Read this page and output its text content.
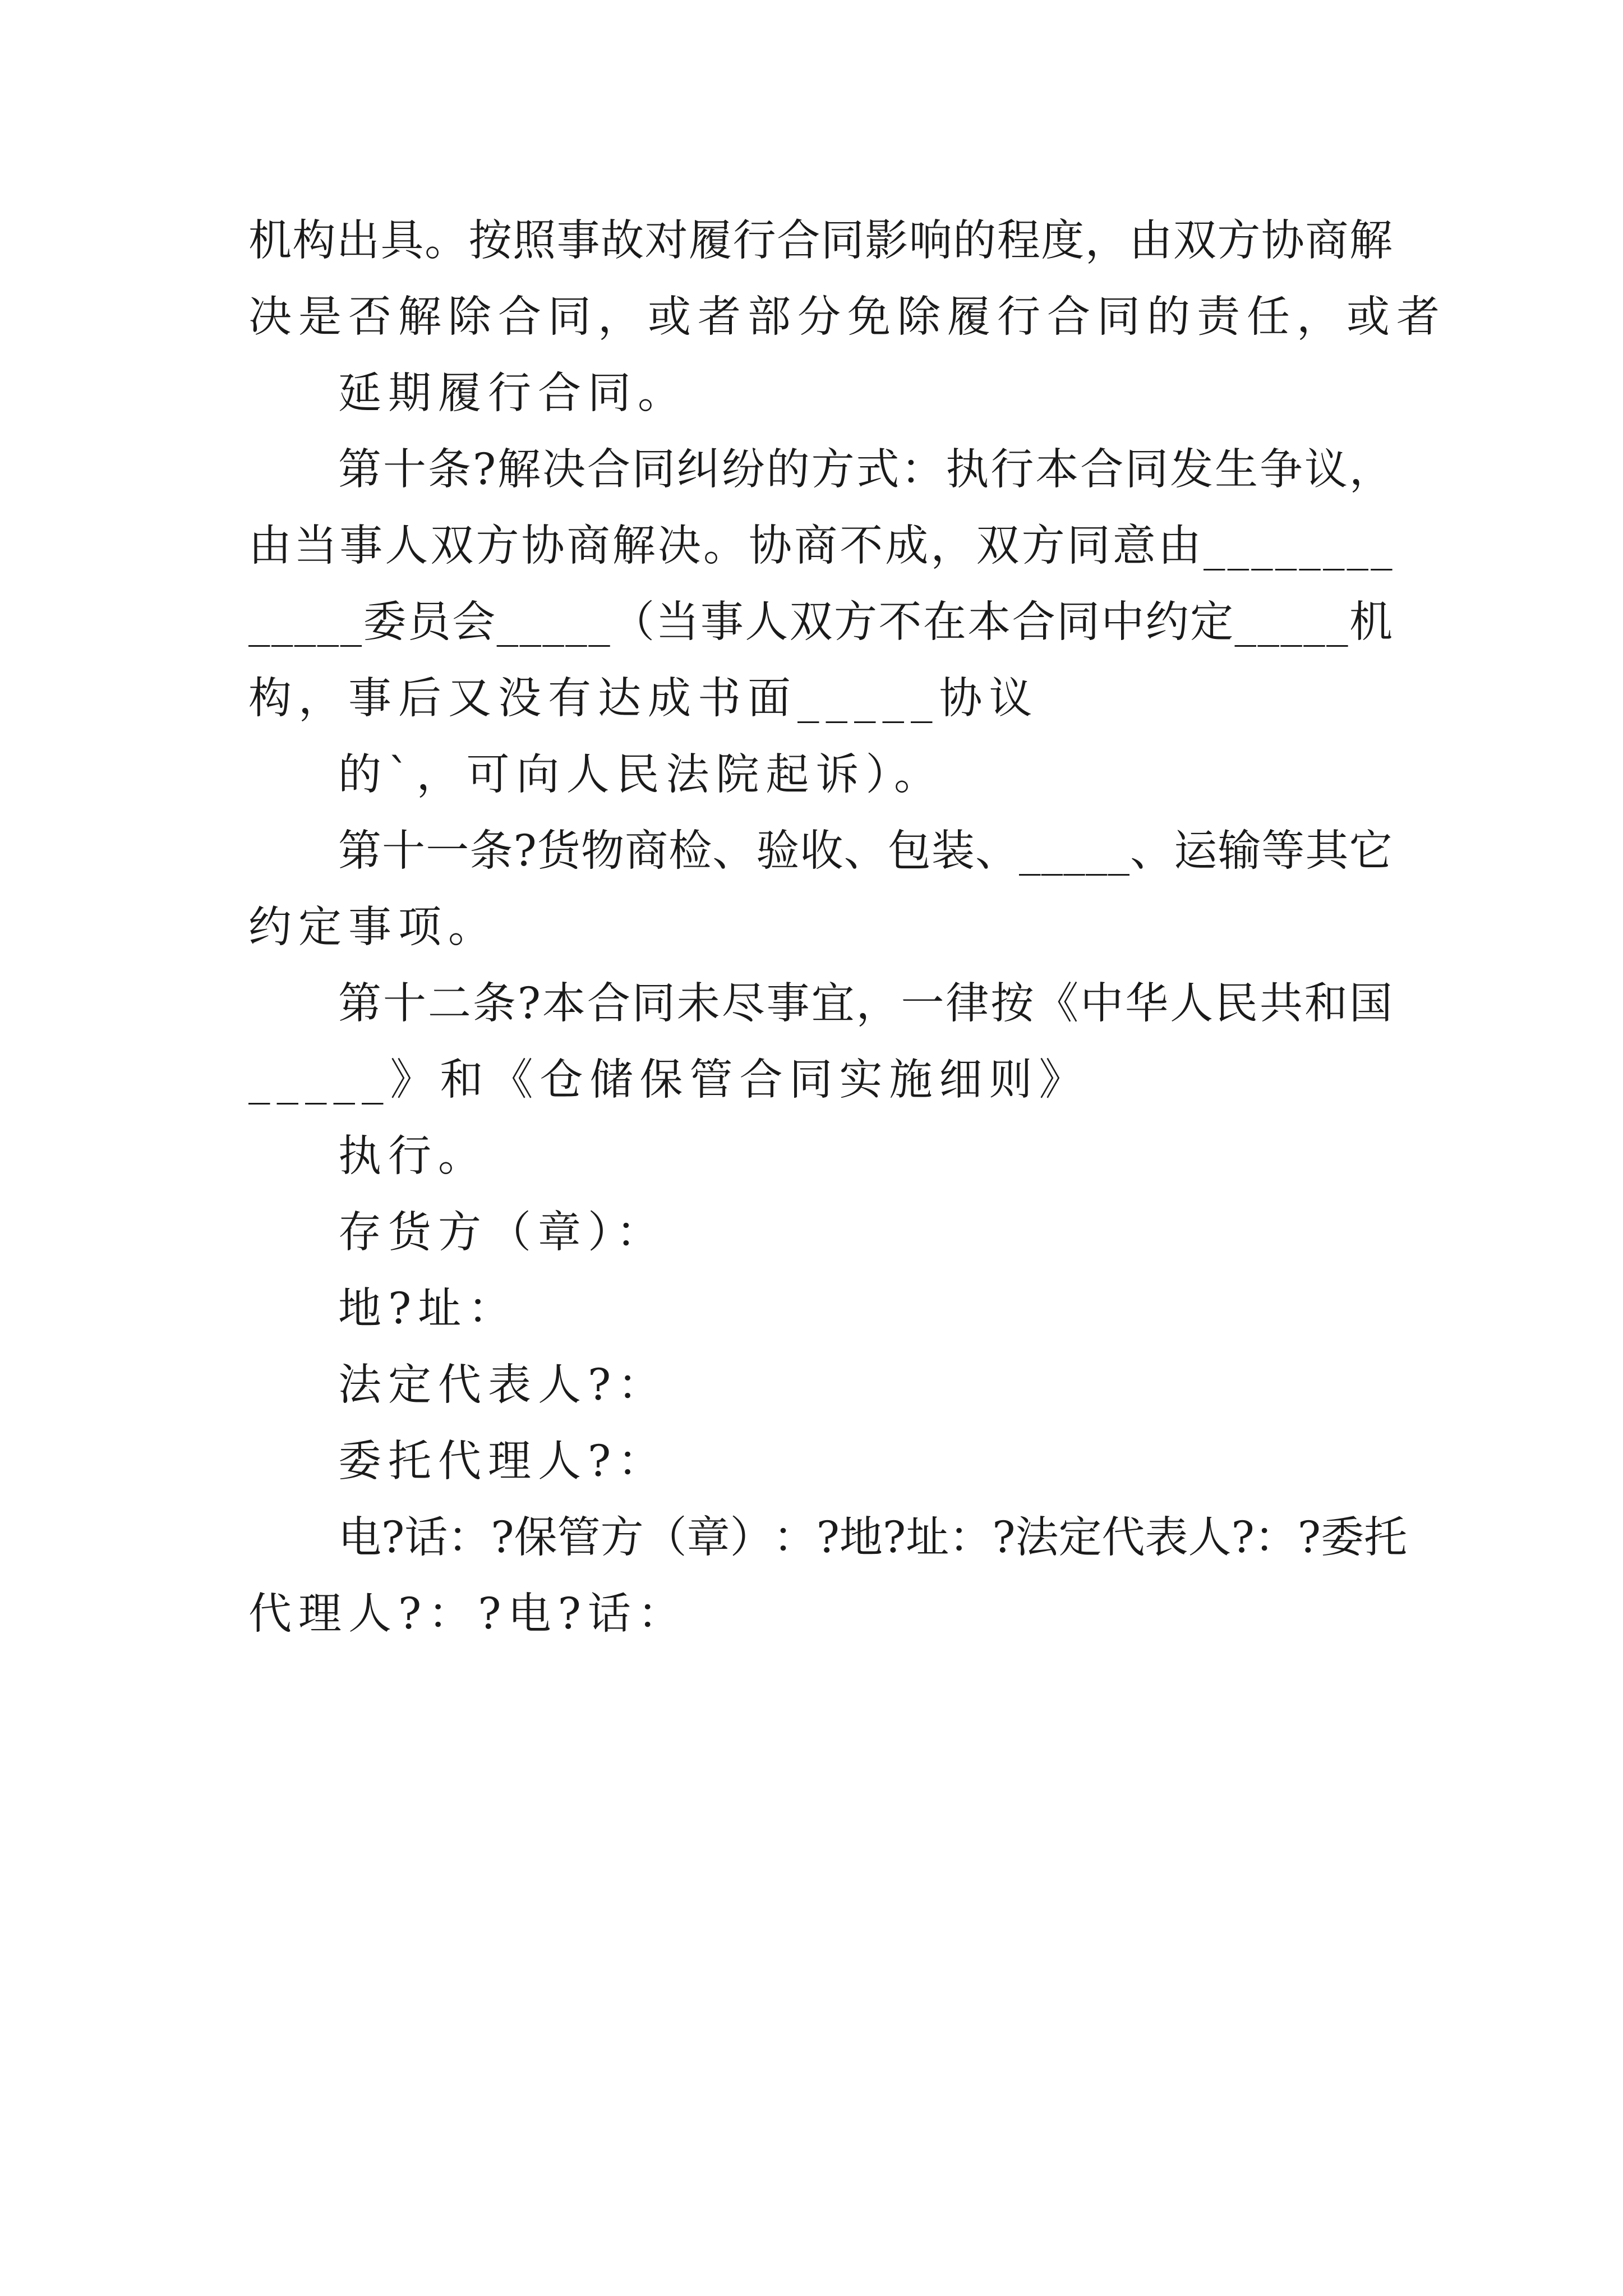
机 构 出 具 。 按 照 事 故 对 履 行 合 同 影 响 的 程 度 ， 由 双 方 协 商 解
决是否解除合同，或者部分免除履行合同的责任，或者
延期履行合同。
第 十 条 ? 解 决 合 同 纠 纷 的 方 式 ： 执 行 本 合 同 发 生 争 议 ，
由 当 事 人 双 方 协 商 解 决 。 协 商 不 成 ， 双 方 同 意 由 _ _ _ _ _ _ _ _
_ _ _ _ _ 委 员 会 _ _ _ _ _ （ 当 事 人 双 方 不 在 本 合 同 中 约 定 _ _ _ _ _ 机
构，事后又没有达成书面_____协议
的`，可向人民法院起诉）。
第 十 一 条 ? 货 物 商 检 、 验 收 、 包 装 、 _ _ _ _ _ 、 运 输 等 其 它
约定事项。
第 十 二 条 ? 本 合 同 未 尽 事 宜 ， 一 律 按 《 中 华 人 民 共 和 国
_____》和《仓储保管合同实施细则》
执行。
存货方（章）：
地?址：
法定代表人?：
委托代理人?：
电 ? 话 ： ? 保 管 方 （ 章 ） ： ? 地 ? 址 ： ? 法 定 代 表 人 ? ： ? 委 托
代理人?：?电?话：
